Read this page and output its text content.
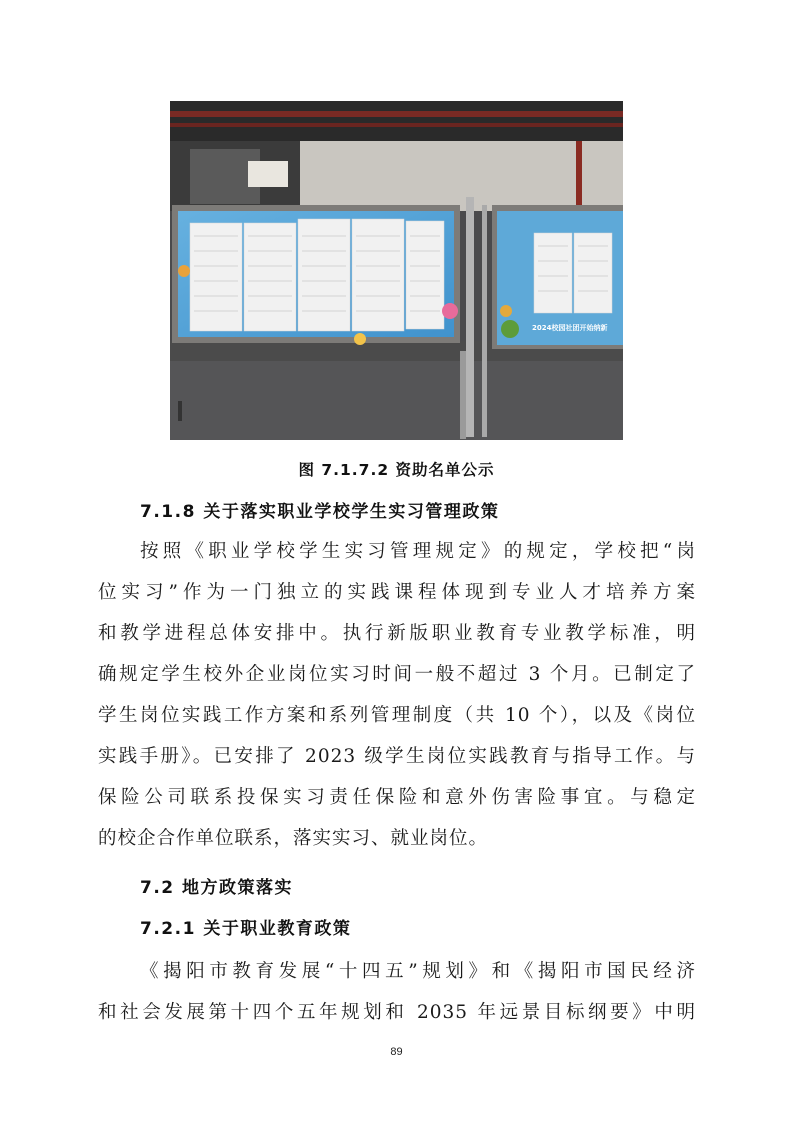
2024校园社团开始纳新
图 7.1.7.2 资助名单公示
7.1.8 关于落实职业学校学生实习管理政策
按照《职业学校学生实习管理规定》的规定，学校把“岗
位实习”作为一门独立的实践课程体现到专业人才培养方案
和教学进程总体安排中。执行新版职业教育专业教学标准，明
确规定学生校外企业岗位实习时间一般不超过 3 个月。已制定了
学生岗位实践工作方案和系列管理制度（共 10 个），以及《岗位
实践手册》。已安排了 2023 级学生岗位实践教育与指导工作。与
保险公司联系投保实习责任保险和意外伤害险事宜。与稳定
的校企合作单位联系，落实实习、就业岗位。
7.2 地方政策落实
7.2.1 关于职业教育政策
《揭阳市教育发展“十四五”规划》和《揭阳市国民经济
和社会发展第十四个五年规划和 2035 年远景目标纲要》中明
89
